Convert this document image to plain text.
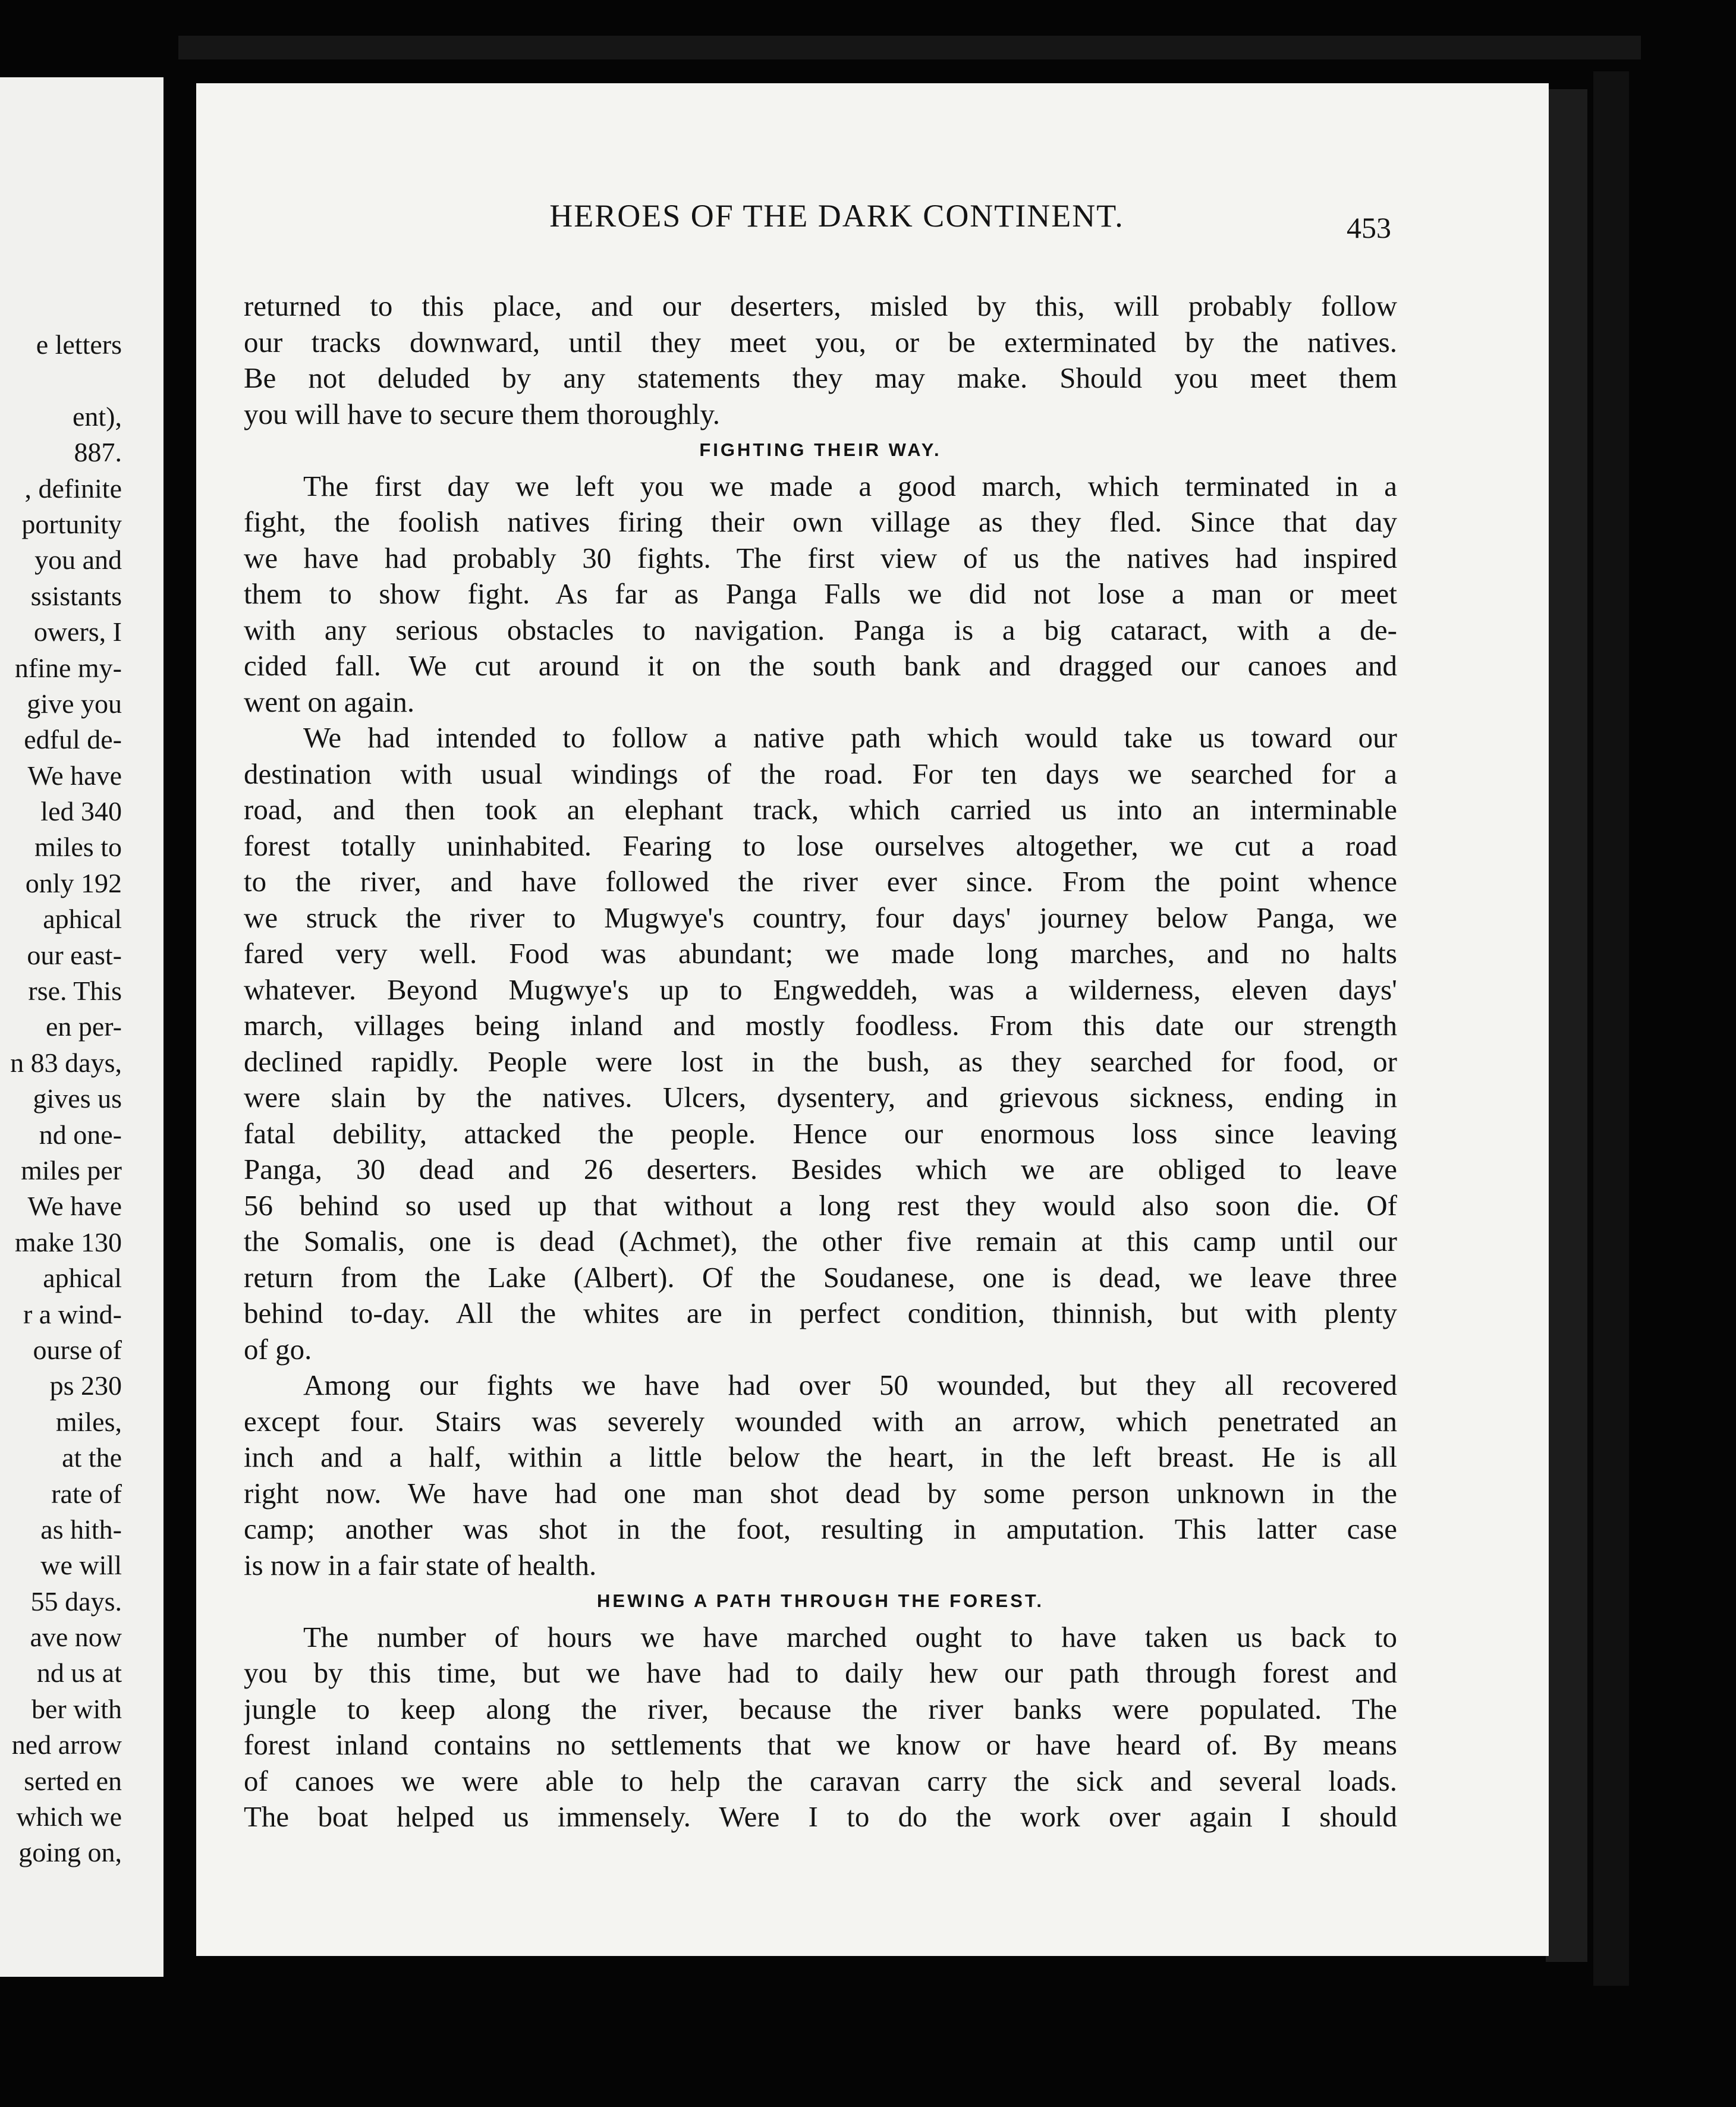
e letters
ent),
887.
, definite
portunity
you and
ssistants
owers, I
nfine my-
give you
edful de-
We have
led 340
miles to
only 192
aphical
our east-
rse. This
en per-
n 83 days,
gives us
nd one-
miles per
We have
make 130
aphical
r a wind-
ourse of
ps 230
miles,
at the
rate of
as hith-
we will
55 days.
ave now
nd us at
ber with
ned arrow
serted en
which we
going on,
HEROES OF THE DARK CONTINENT.	453
returned to this place, and our deserters, misled by this, will probably follow
our tracks downward, until they meet you, or be exterminated by the natives.
Be not deluded by any statements they may make. Should you meet them
you will have to secure them thoroughly.
FIGHTING THEIR WAY.
The first day we left you we made a good march, which terminated in a
fight, the foolish natives firing their own village as they fled. Since that day
we have had probably 30 fights. The first view of us the natives had inspired
them to show fight. As far as Panga Falls we did not lose a man or meet
with any serious obstacles to navigation. Panga is a big cataract, with a de-
cided fall. We cut around it on the south bank and dragged our canoes and
went on again.
We had intended to follow a native path which would take us toward our
destination with usual windings of the road. For ten days we searched for a
road, and then took an elephant track, which carried us into an interminable
forest totally uninhabited. Fearing to lose ourselves altogether, we cut a road
to the river, and have followed the river ever since. From the point whence
we struck the river to Mugwye's country, four days' journey below Panga, we
fared very well. Food was abundant; we made long marches, and no halts
whatever. Beyond Mugwye's up to Engweddeh, was a wilderness, eleven days'
march, villages being inland and mostly foodless. From this date our strength
declined rapidly. People were lost in the bush, as they searched for food, or
were slain by the natives. Ulcers, dysentery, and grievous sickness, ending in
fatal debility, attacked the people. Hence our enormous loss since leaving
Panga, 30 dead and 26 deserters. Besides which we are obliged to leave
56 behind so used up that without a long rest they would also soon die. Of
the Somalis, one is dead (Achmet), the other five remain at this camp until our
return from the Lake (Albert). Of the Soudanese, one is dead, we leave three
behind to-day. All the whites are in perfect condition, thinnish, but with plenty
of go.
Among our fights we have had over 50 wounded, but they all recovered
except four. Stairs was severely wounded with an arrow, which penetrated an
inch and a half, within a little below the heart, in the left breast. He is all
right now. We have had one man shot dead by some person unknown in the
camp; another was shot in the foot, resulting in amputation. This latter case
is now in a fair state of health.
HEWING A PATH THROUGH THE FOREST.
The number of hours we have marched ought to have taken us back to
you by this time, but we have had to daily hew our path through forest and
jungle to keep along the river, because the river banks were populated. The
forest inland contains no settlements that we know or have heard of. By means
of canoes we were able to help the caravan carry the sick and several loads.
The boat helped us immensely. Were I to do the work over again I should
